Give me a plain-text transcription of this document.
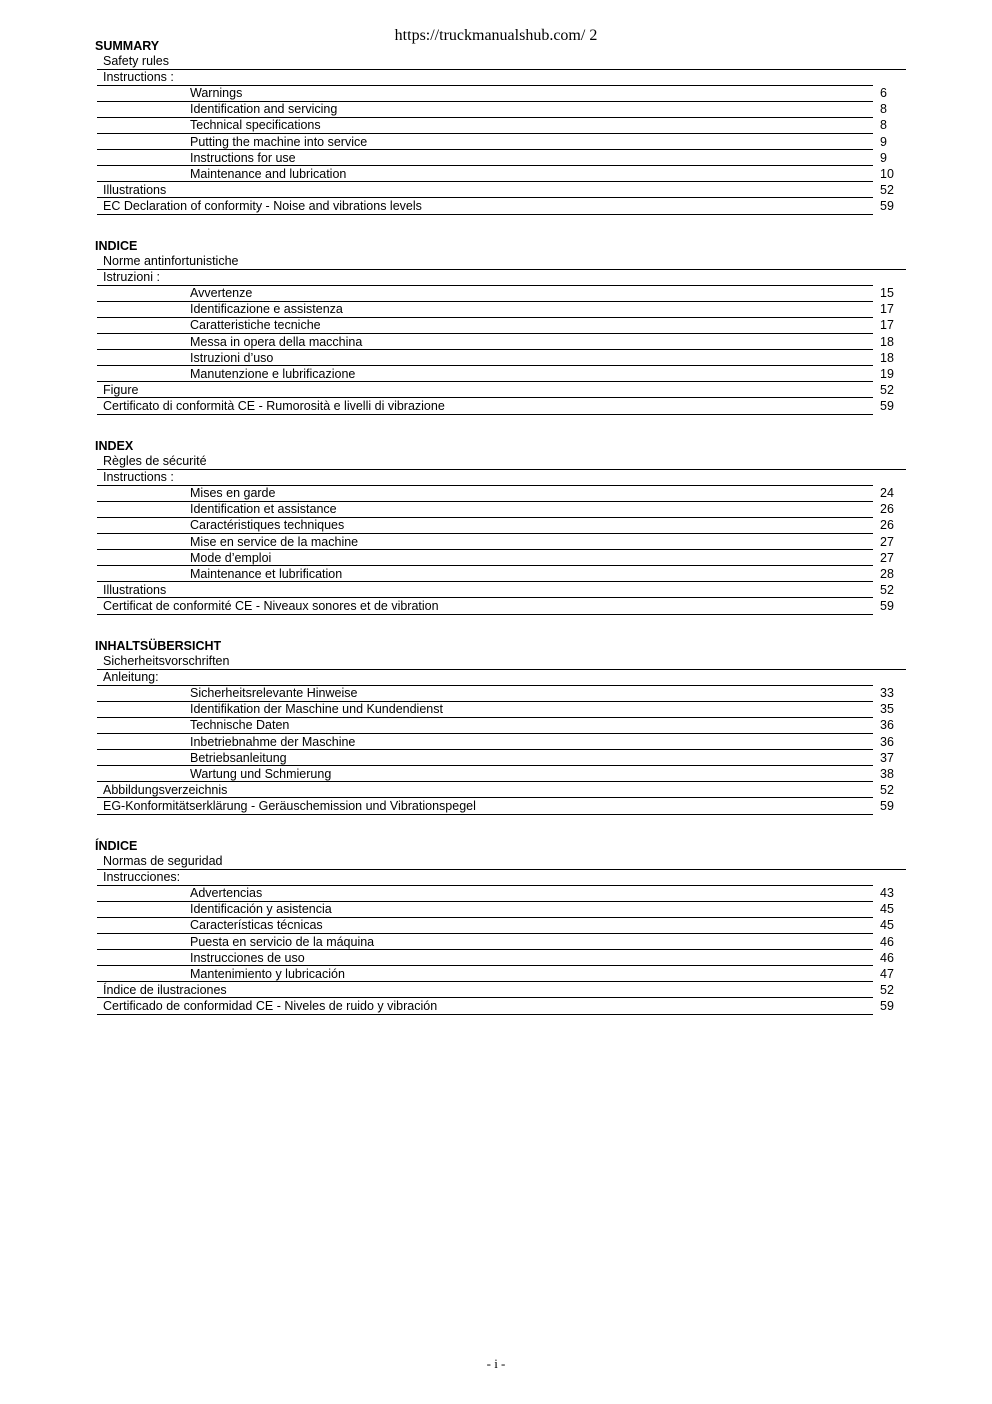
https://truckmanualshub.com/ 2
SUMMARY
Safety rules
Instructions :
Warnings	6
Identification and servicing	8
Technical specifications	8
Putting the machine into service	9
Instructions for use	9
Maintenance and lubrication	10
Illustrations	52
EC Declaration of conformity - Noise and vibrations levels	59
INDICE
Norme antinfortunistiche
Istruzioni :
Avvertenze	15
Identificazione e assistenza	17
Caratteristiche tecniche	17
Messa in opera della macchina	18
Istruzioni d’uso	18
Manutenzione e lubrificazione	19
Figure	52
Certificato di conformità CE - Rumorosità e livelli di vibrazione	59
INDEX
Règles de sécurité
Instructions :
Mises en garde	24
Identification et assistance	26
Caractéristiques techniques	26
Mise en service de la machine	27
Mode d’emploi	27
Maintenance et lubrification	28
Illustrations	52
Certificat de conformité CE - Niveaux sonores et de vibration	59
INHALTSÜBERSICHT
Sicherheitsvorschriften
Anleitung:
Sicherheitsrelevante Hinweise	33
Identifikation der Maschine und Kundendienst	35
Technische Daten	36
Inbetriebnahme der Maschine	36
Betriebsanleitung	37
Wartung und Schmierung	38
Abbildungsverzeichnis	52
EG-Konformitätserklärung - Geräuschemission und Vibrationspegel	59
ÍNDICE
Normas de seguridad
Instrucciones:
Advertencias	43
Identificación y asistencia	45
Características técnicas	45
Puesta en servicio de la máquina	46
Instrucciones de uso	46
Mantenimiento y lubricación	47
Índice de ilustraciones	52
Certificado de conformidad CE - Niveles de ruido y vibración	59
- i -
